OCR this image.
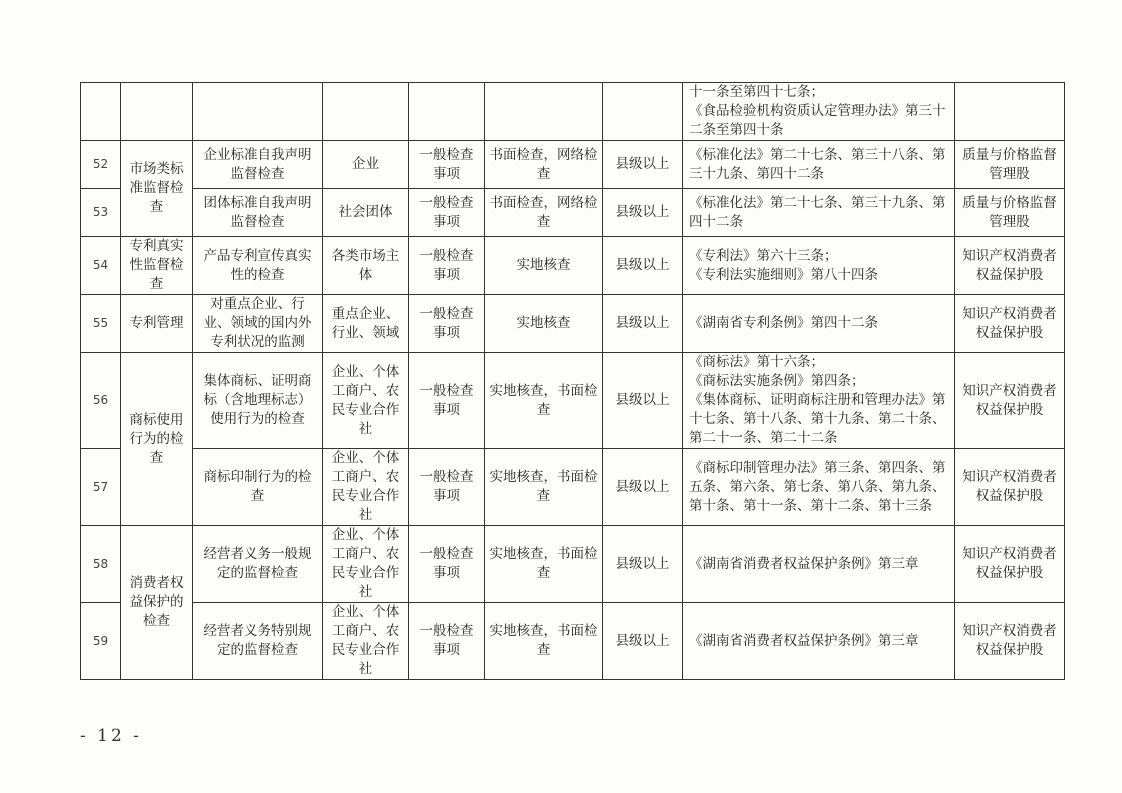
							十一条至第四十七条；
《食品检验机构资质认定管理办法》第三十二条至第四十条	
52	市场类标准监督检查	企业标准自我声明监督检查	企业	一般检查事项	书面检查，网络检查	县级以上	《标准化法》第二十七条、第三十八条、第三十九条、第四十二条	质量与价格监督管理股
53		团体标准自我声明监督检查	社会团体	一般检查事项	书面检查，网络检查	县级以上	《标准化法》第二十七条、第三十九条、第四十二条	质量与价格监督管理股
54	专利真实性监督检查	产品专利宣传真实性的检查	各类市场主体	一般检查事项	实地核查	县级以上	《专利法》第六十三条；
《专利法实施细则》第八十四条	知识产权消费者权益保护股
55	专利管理	对重点企业、行业、领域的国内外专利状况的监测	重点企业、行业、领域	一般检查事项	实地核查	县级以上	《湖南省专利条例》第四十二条	知识产权消费者权益保护股
56	商标使用行为的检查	集体商标、证明商标（含地理标志）使用行为的检查	企业、个体工商户、农民专业合作社	一般检查事项	实地核查，书面检查	县级以上	《商标法》第十六条；
《商标法实施条例》第四条；
《集体商标、证明商标注册和管理办法》第十七条、第十八条、第十九条、第二十条、第二十一条、第二十二条	知识产权消费者权益保护股
57		商标印制行为的检查	企业、个体工商户、农民专业合作社	一般检查事项	实地核查，书面检查	县级以上	《商标印制管理办法》第三条、第四条、第五条、第六条、第七条、第八条、第九条、第十条、第十一条、第十二条、第十三条	知识产权消费者权益保护股
58	消费者权益保护的检查	经营者义务一般规定的监督检查	企业、个体工商户、农民专业合作社	一般检查事项	实地核查，书面检查	县级以上	《湖南省消费者权益保护条例》第三章	知识产权消费者权益保护股
59		经营者义务特别规定的监督检查	企业、个体工商户、农民专业合作社	一般检查事项	实地核查，书面检查	县级以上	《湖南省消费者权益保护条例》第三章	知识产权消费者权益保护股
- 12 -
